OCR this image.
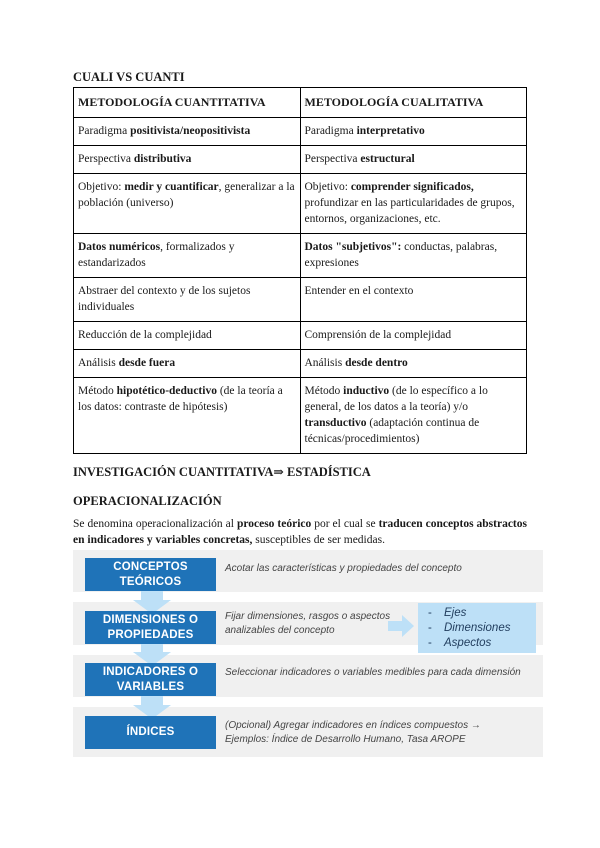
CUALI VS CUANTI
METODOLOGÍA CUANTITATIVA	METODOLOGÍA CUALITATIVA
Paradigma positivista/neopositivista	Paradigma interpretativo
Perspectiva distributiva	Perspectiva estructural
Objetivo: medir y cuantificar, generalizar a la población (universo)	Objetivo: comprender significados, profundizar en las particularidades de grupos, entornos, organizaciones, etc.
Datos numéricos, formalizados y estandarizados	Datos "subjetivos": conductas, palabras, expresiones
Abstraer del contexto y de los sujetos individuales	Entender en el contexto
Reducción de la complejidad	Comprensión de la complejidad
Análisis desde fuera	Análisis desde dentro
Método hipotético-deductivo (de la teoría a los datos: contraste de hipótesis)	Método inductivo (de lo específico a lo general, de los datos a la teoría) y/o transductivo (adaptación continua de técnicas/procedimientos)
INVESTIGACIÓN CUANTITATIVA⇒ ESTADÍSTICA
OPERACIONALIZACIÓN
Se denomina operacionalización al proceso teórico por el cual se traducen conceptos abstractos en indicadores y variables concretas, susceptibles de ser medidas.
CONCEPTOS TEÓRICOS
DIMENSIONES O PROPIEDADES
INDICADORES O VARIABLES
ÍNDICES
Acotar las características y propiedades del concepto
Fijar dimensiones, rasgos o aspectos analizables del concepto
Seleccionar indicadores o variables medibles para cada dimensión
(Opcional) Agregar indicadores en índices compuestos → Ejemplos: Índice de Desarrollo Humano, Tasa AROPE
- Ejes
- Dimensiones
- Aspectos
